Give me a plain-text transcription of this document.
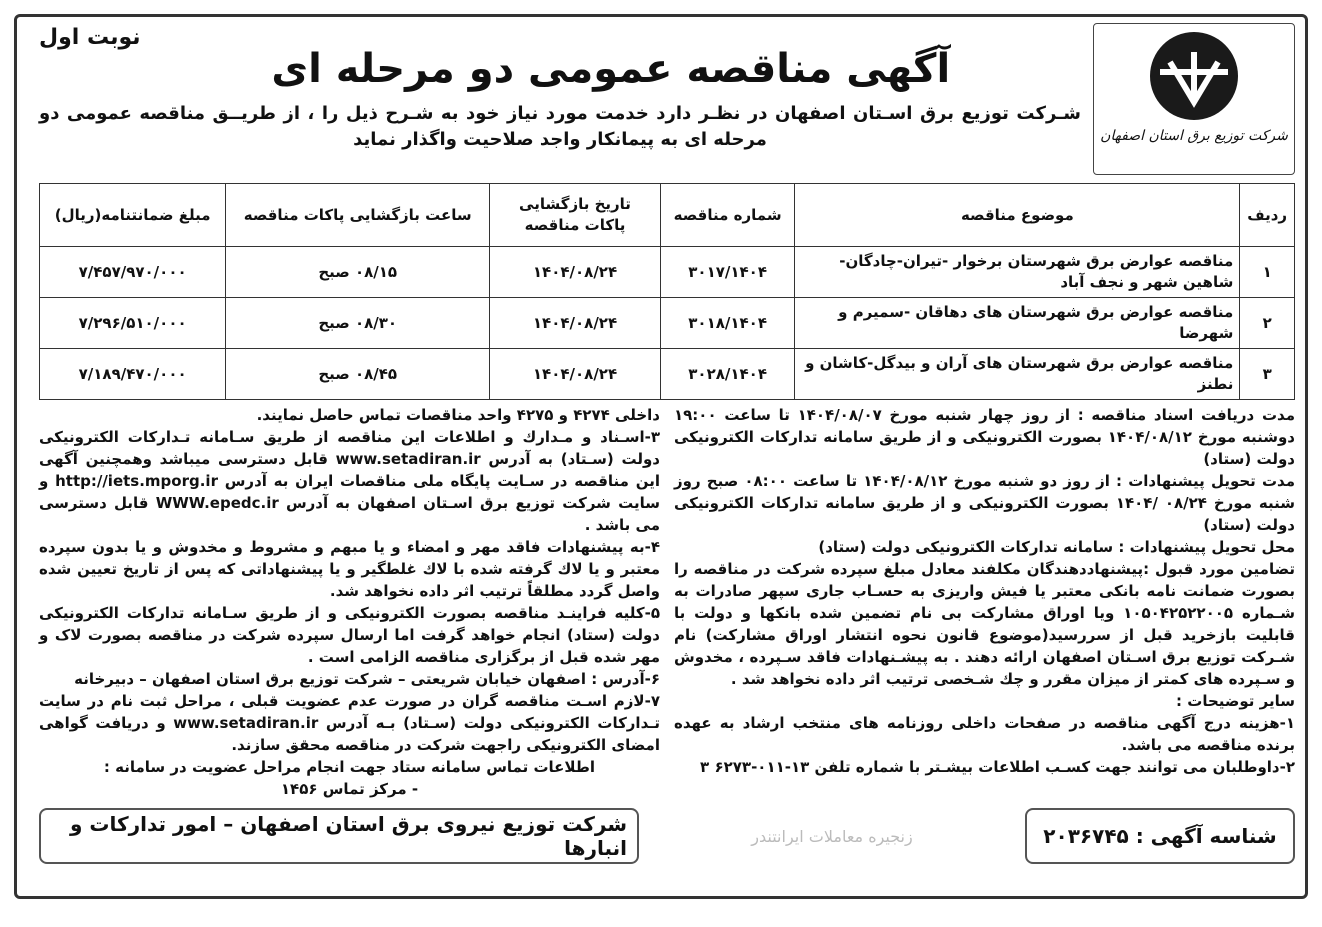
شرکت توزیع برق استان اصفهان
آگهی مناقصه عمومی دو مرحله ای
نوبت اول
شـرکت توزیع برق اسـتان اصفهان در نظـر دارد خدمت مورد نیاز خود به شـرح ذیل را ، از طریــق مناقصه عمومی دو مرحله ای به پیمانکار واجد صلاحیت واگذار نماید
ردیف	موضوع مناقصه	شماره مناقصه	تاریخ بازگشایی پاکات مناقصه	ساعت بازگشایی پاکات مناقصه	مبلغ ضمانتنامه(ریال)
۱	مناقصه عوارض برق شهرستان برخوار -تیران-چادگان-شاهین شهر و نجف آباد	۳۰۱۷/۱۴۰۴	۱۴۰۴/۰۸/۲۴	۰۸/۱۵ صبح	۷/۴۵۷/۹۷۰/۰۰۰
۲	مناقصه عوارض برق شهرستان های دهاقان -سمیرم و شهرضا	۳۰۱۸/۱۴۰۴	۱۴۰۴/۰۸/۲۴	۰۸/۳۰ صبح	۷/۲۹۶/۵۱۰/۰۰۰
۳	مناقصه عوارض برق شهرستان های آران و بیدگل-کاشان و نطنز	۳۰۲۸/۱۴۰۴	۱۴۰۴/۰۸/۲۴	۰۸/۴۵ صبح	۷/۱۸۹/۴۷۰/۰۰۰

مدت دریافت اسناد مناقصه : از روز چهار شنبه مورخ ۱۴۰۴/۰۸/۰۷ تا ساعت ۱۹:۰۰ دوشنبه مورخ ۱۴۰۴/۰۸/۱۲ بصورت الکترونیکی و از طریق سامانه تدارکات الکترونیکی دولت (ستاد)

مدت تحویل پیشنهادات : از روز دو شنبه مورخ ۱۴۰۴/۰۸/۱۲ تا ساعت ۰۸:۰۰ صبح روز شنبه مورخ ۰۸/۲۴ /۱۴۰۴ بصورت الکترونیکی و از طریق سامانه تدارکات الکترونیکی دولت (ستاد)

محل تحویل پیشنهادات : سامانه تدارکات الکترونیکی دولت (ستاد)

تضامین مورد قبول :پیشنهاددهندگان مکلفند معادل مبلغ سپرده شرکت در مناقصه را بصورت ضمانت نامه بانکی معتبر یا فیش واریزی به حسـاب جاری سپهر صادرات به شـماره ۱۰۵۰۴۲۵۲۲۰۰۵ ویا اوراق مشارکت بی نام تضمین شده بانکها و دولت با قابلیت بازخرید قبل از سررسید(موضوع قانون نحوه انتشار اوراق مشارکت) نام شـرکت توزیع برق اسـتان اصفهان ارائه دهند . به پیشـنهادات فاقد سـپرده ، مخدوش و سـپرده های کمتر از میزان مقرر و چك شـخصی ترتیب اثر داده نخواهد شد .

سایر توضیحات :

۱-هزینه درج آگهی مناقصه در صفحات داخلی روزنامه های منتخب ارشاد به عهده برنده مناقصه می باشد.

۲-داوطلبان می توانند جهت کسـب اطلاعات بیشـتر با شماره تلفن ۱۳-۰۱۱-۶۲۷۳ ۳

داخلی ۴۲۷۴ و ۴۲۷۵ واحد مناقصات تماس حاصل نمایند.

۳-اسـناد و مـدارك و اطلاعات این مناقصه از طریق سـامانه تـدارکات الکترونیکی دولت (سـتاد) به آدرس www.setadiran.ir قابل دسترسی میباشد وهمچنین آگهی این مناقصه در سـایت پایگاه ملی مناقصات ایران به آدرس http://iets.mporg.ir و سایت شرکت توزیع برق اسـتان اصفهان به آدرس WWW.epedc.ir قابل دسترسی می باشد .

۴-به پیشنهادات فاقد مهر و امضاء و یا مبهم و مشروط و مخدوش و یا بدون سپرده معتبر و یا لاك گرفته شده با لاك غلطگیر و یا پیشنهاداتی که پس از تاریخ تعیین شده واصل گردد مطلقاً ترتیب اثر داده نخواهد شد.

۵-کلیه فراینـد مناقصه بصورت الکترونیکی و از طریق سـامانه تدارکات الکترونیکی دولت (ستاد) انجام خواهد گرفت اما ارسال سپرده شرکت در مناقصه بصورت لاک و مهر شده قبل از برگزاری مناقصه الزامی است .

۶-آدرس : اصفهان خیابان شریعتی – شرکت توزیع برق استان اصفهان – دبیرخانه

۷-لازم اسـت مناقصه گران در صورت عدم عضویت قبلی ، مراحل ثبت نام در سایت تـدارکات الکترونیکی دولت (سـتاد) بـه آدرس www.setadiran.ir و دریافت گواهی امضای الکترونیکی راجهت شرکت در مناقصه محقق سازند.

اطلاعات تماس سامانه ستاد جهت انجام مراحل عضویت در سامانه :

- مرکز تماس ۱۴۵۶

شناسه آگهی : ۲۰۳۶۷۴۵
زنجیره معاملات ایرانتندر
شرکت توزیع نیروی برق استان اصفهان – امور تدارکات و انبارها
